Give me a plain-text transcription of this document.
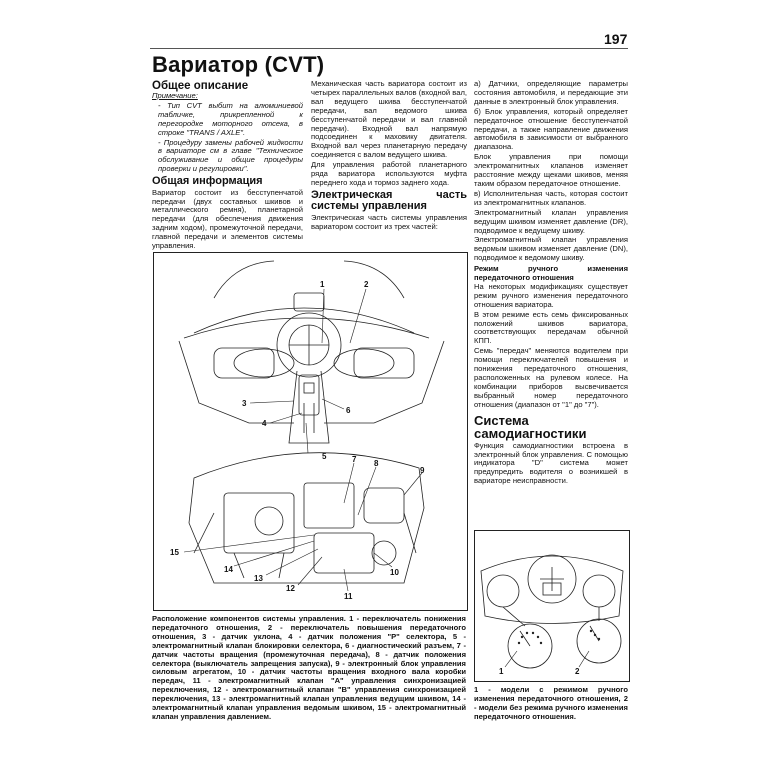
197
Вариатор (CVT)
Общее описание

Примечание:

- Тип CVT выбит на алюминиевой табличке, прикрепленной к перегородке моторного отсека, в строке "TRANS / AXLE".

- Процедуру замены рабочей жидкости в вариаторе см в главе "Техническое обслуживание и общие процедуры проверки и регулировки".

Общая информация

Вариатор состоит из бесступенчатой передачи (двух составных шкивов и металлического ремня), планетарной передачи (для обеспечения движения задним ходом), промежуточной передачи, главной передачи и элементов системы управления.

Механическая часть вариатора состоит из четырех параллельных валов (входной вал, вал ведущего шкива бесступенчатой передачи, вал ведомого шкива бесступенчатой передачи и вал главной передачи). Входной вал напрямую подсоединен к маховику двигателя. Входной вал через планетарную передачу соединяется с валом ведущего шкива.

Для управления работой планетарного ряда вариатора используются муфта переднего хода и тормоз заднего хода.

Электрическая часть системы управления

Электрическая часть системы управления вариатором состоит из трех частей:

а) Датчики, определяющие параметры состояния автомобиля, и передающие эти данные в электронный блок управления.

б) Блок управления, который определяет передаточное отношение бесступенчатой передачи, а также направление движения автомобиля в зависимости от выбранного диапазона.

Блок управления при помощи электромагнитных клапанов изменяет расстояние между щеками шкивов, меняя таким образом передаточное отношение.

в) Исполнительная часть, которая состоит из электромагнитных клапанов.

Электромагнитный клапан управления ведущим шкивом изменяет давление (DR), подводимое к ведущему шкиву.

Электромагнитный клапан управления ведомым шкивом изменяет давление (DN), подводимое к ведомому шкиву.

Режим ручного изменения передаточного отношения

На некоторых модификациях существует режим ручного изменения передаточного отношения вариатора.

В этом режиме есть семь фиксированных положений шкивов вариатора, соответствующих передачам обычной КПП.

Семь "передач" меняются водителем при помощи переключателей повышения и понижения передаточного отношения, расположенных на рулевом колесе. На комбинации приборов высвечивается выбранный номер передаточного отношения (диапазон от "1" до "7").

Система самодиагностики

Функция самодиагностики встроена в электронный блок управления. С помощью индикатора "D" система может предупредить водителя о возникшей в вариаторе неисправности.

1	2
3
4
5
6
7 8
9
10
11
12
13
14
15
Расположение компонентов системы управления. 1 - переключатель понижения передаточного отношения, 2 - переключатель повышения передаточного отношения, 3 - датчик уклона, 4 - датчик положения "P" селектора, 5 - электромагнитный клапан блокировки селектора, 6 - диагностический разъем, 7 - датчик частоты вращения (промежуточная передача), 8 - датчик положения селектора (выключатель запрещения запуска), 9 - электронный блок управления силовым агрегатом, 10 - датчик частоты вращения входного вала коробки передач, 11 - электромагнитный клапан "A" управления синхронизацией переключения, 12 - электромагнитный клапан "B" управления синхронизацией переключения, 13 - электромагнитный клапан управления ведущим шкивом, 14 - электромагнитный клапан управления ведомым шкивом, 15 - электромагнитный клапан управления давлением.
1	2
1 - модели с режимом ручного изменения передаточного отношения, 2 - модели без режима ручного изменения передаточного отношения.
